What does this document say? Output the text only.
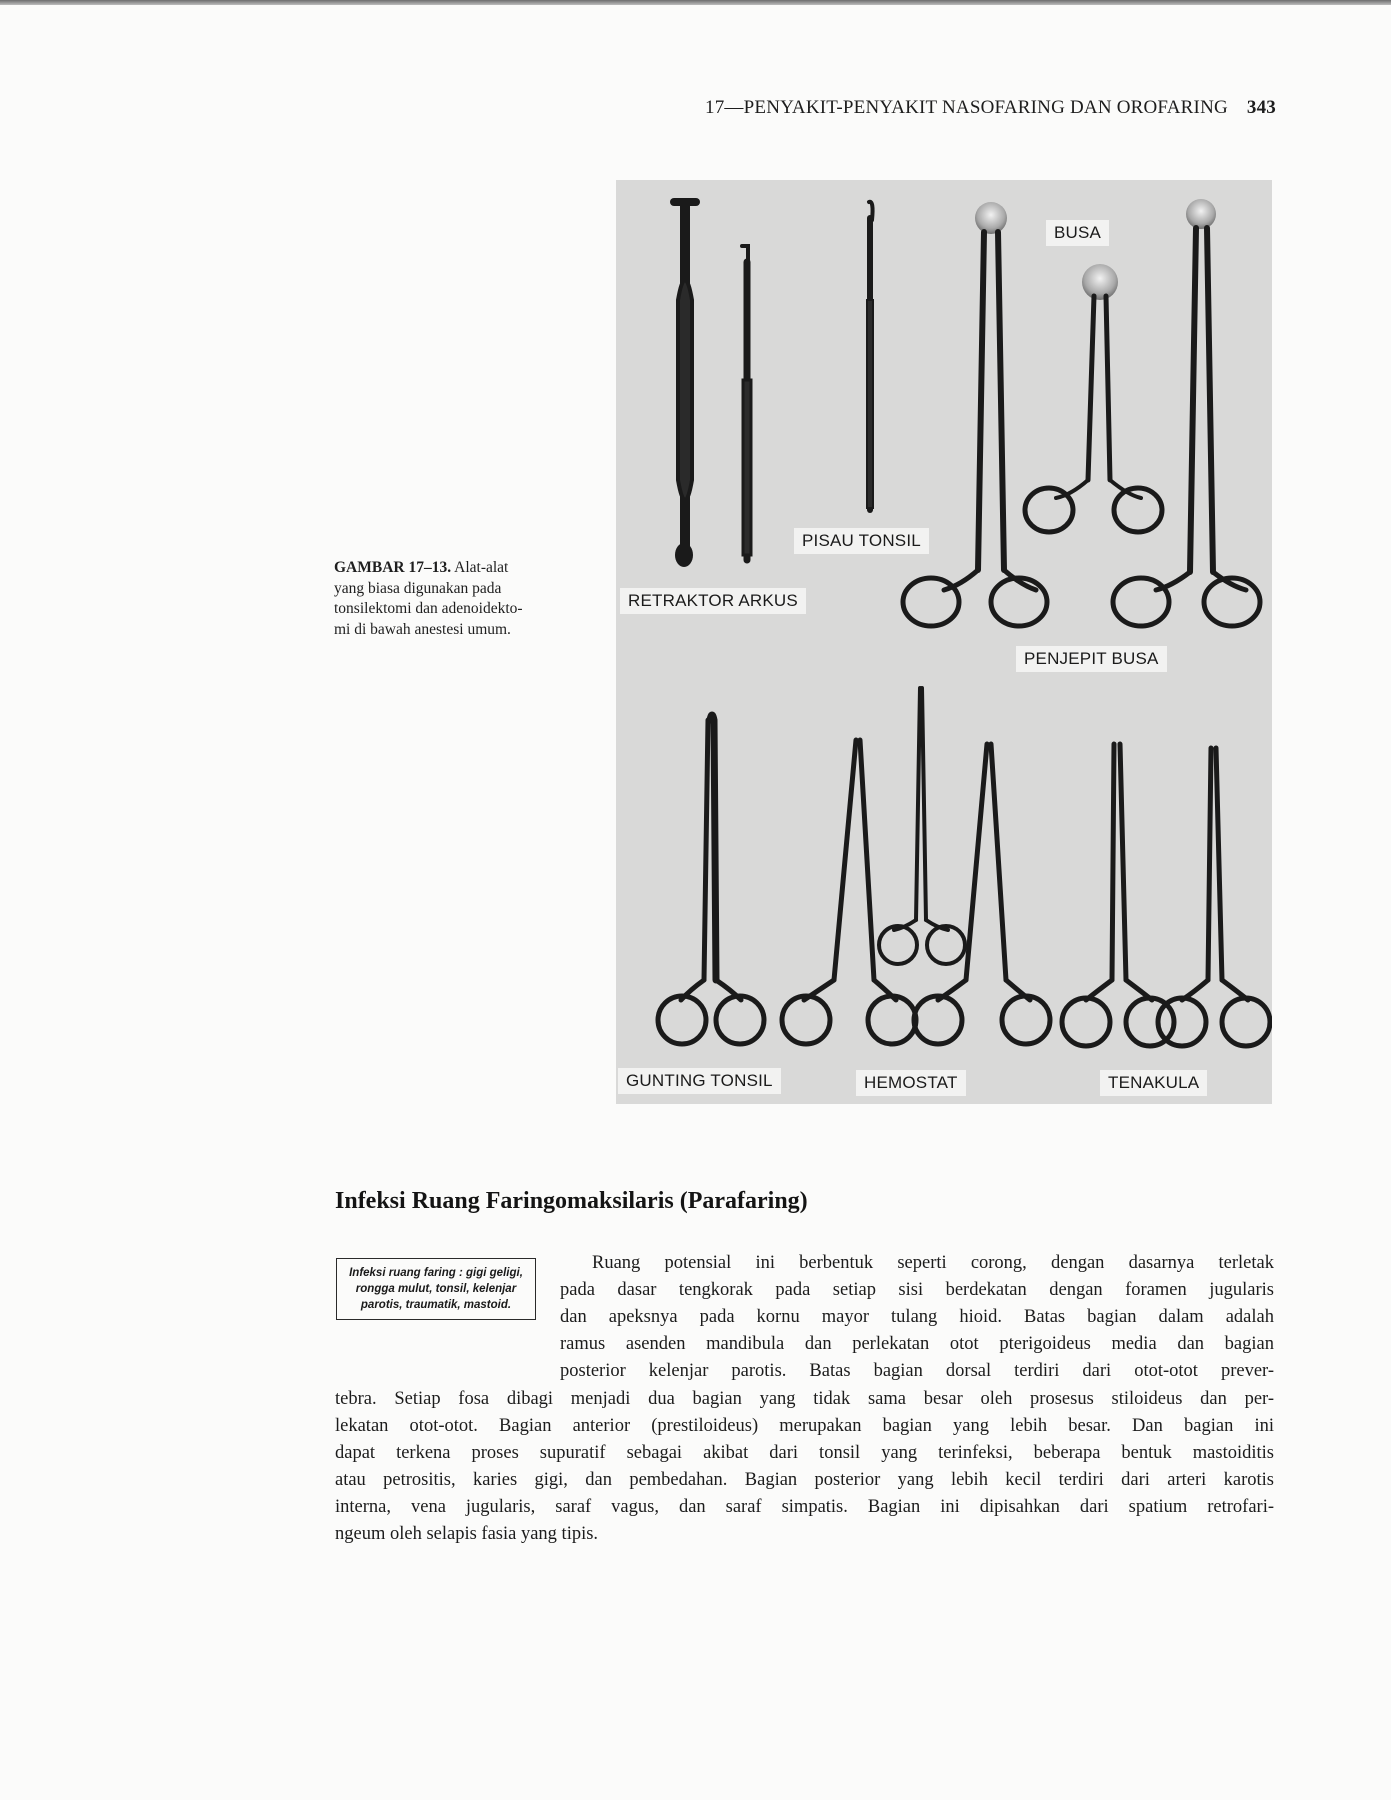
17—PENYAKIT-PENYAKIT NASOFARING DAN OROFARING 343
BUSA
PISAU TONSIL
RETRAKTOR ARKUS
PENJEPIT BUSA
GUNTING TONSIL	HEMOSTAT	TENAKULA
GAMBAR 17–13. Alat-alat
yang biasa digunakan pada
tonsilektomi dan adenoidekto-
mi di bawah anestesi umum.
Infeksi Ruang Faringomaksilaris (Parafaring)
Infeksi ruang faring : gigi geligi, rongga mulut, tonsil, kelenjar parotis, traumatik, mastoid.
Ruang potensial ini berbentuk seperti corong, dengan dasarnya terletak
pada dasar tengkorak pada setiap sisi berdekatan dengan foramen jugularis
dan apeksnya pada kornu mayor tulang hioid. Batas bagian dalam adalah
ramus asenden mandibula dan perlekatan otot pterigoideus media dan bagian
posterior kelenjar parotis. Batas bagian dorsal terdiri dari otot-otot prever-
tebra. Setiap fosa dibagi menjadi dua bagian yang tidak sama besar oleh prosesus stiloideus dan per-
lekatan otot-otot. Bagian anterior (prestiloideus) merupakan bagian yang lebih besar. Dan bagian ini
dapat terkena proses supuratif sebagai akibat dari tonsil yang terinfeksi, beberapa bentuk mastoiditis
atau petrositis, karies gigi, dan pembedahan. Bagian posterior yang lebih kecil terdiri dari arteri karotis
interna, vena jugularis, saraf vagus, dan saraf simpatis. Bagian ini dipisahkan dari spatium retrofari-
ngeum oleh selapis fasia yang tipis.
